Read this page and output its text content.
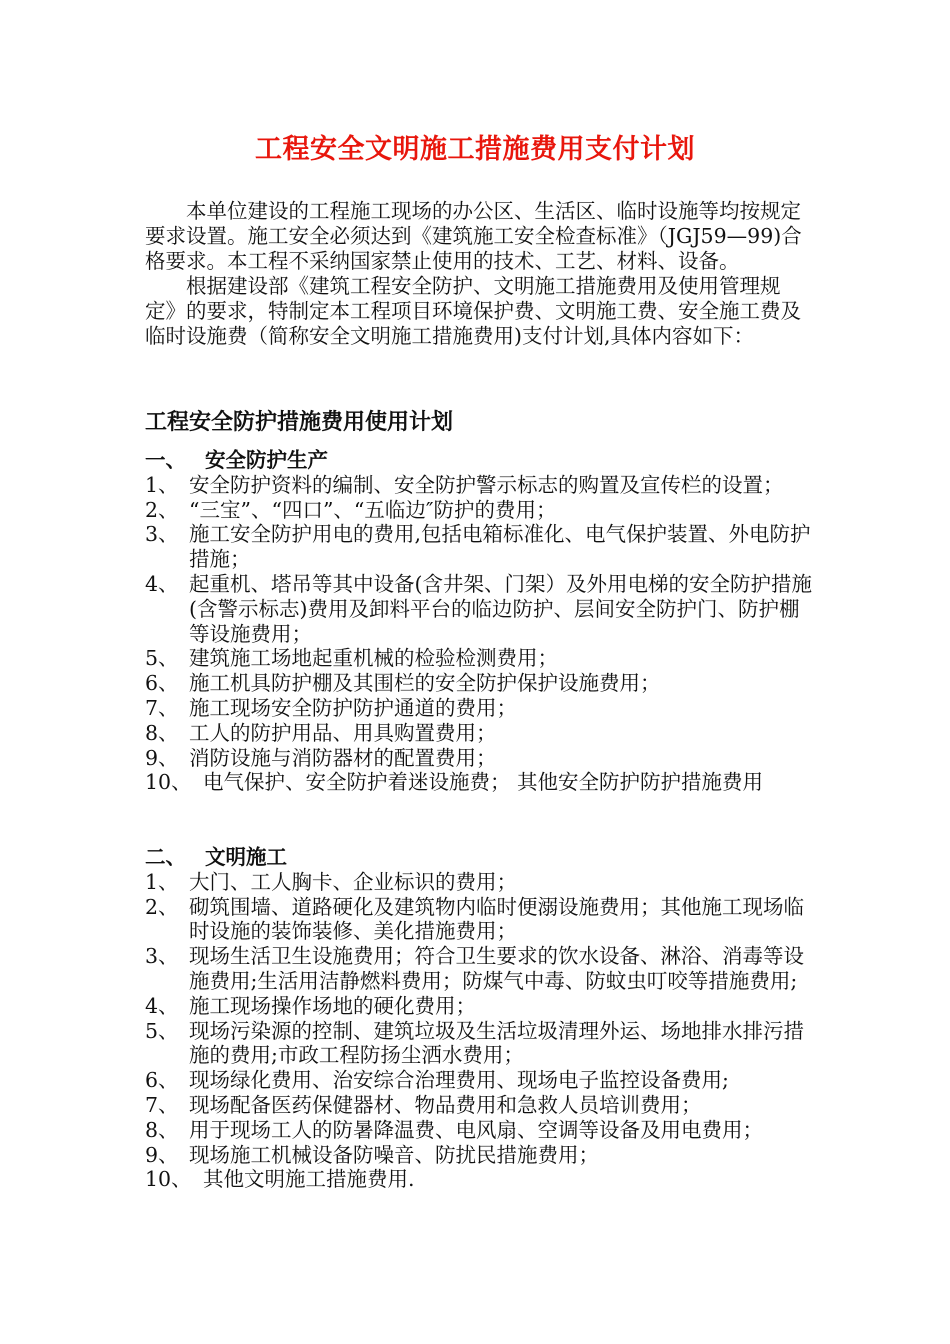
工程安全文明施工措施费用支付计划

本单位建设的工程施工现场的办公区、生活区、临时设施等均按规定要求设置。施工安全必须达到《建筑施工安全检查标准》（JGJ59—99)合格要求。本工程不采纳国家禁止使用的技术、工艺、材料、设备。

根据建设部《建筑工程安全防护、文明施工措施费用及使用管理规定》的要求，特制定本工程项目环境保护费、文明施工费、安全施工费及临时设施费（简称安全文明施工措施费用)支付计划,具体内容如下：

工程安全防护措施费用使用计划
一、 安全防护生产
1、 安全防护资料的编制、安全防护警示标志的购置及宣传栏的设置；
2、 “三宝”、“四口”、“五临边″防护的费用；
3、 施工安全防护用电的费用,包括电箱标准化、电气保护装置、外电防护措施；
4、 起重机、塔吊等其中设备(含井架、门架）及外用电梯的安全防护措施(含警示标志)费用及卸料平台的临边防护、层间安全防护门、防护棚等设施费用；
5、 建筑施工场地起重机械的检验检测费用；
6、 施工机具防护棚及其围栏的安全防护保护设施费用；
7、 施工现场安全防护防护通道的费用；
8、 工人的防护用品、用具购置费用；
9、 消防设施与消防器材的配置费用；
10、 电气保护、安全防护着迷设施费； 其他安全防护防护措施费用
二、 文明施工
1、 大门、工人胸卡、企业标识的费用；
2、 砌筑围墙、道路硬化及建筑物内临时便溺设施费用；其他施工现场临时设施的装饰装修、美化措施费用；
3、 现场生活卫生设施费用；符合卫生要求的饮水设备、淋浴、消毒等设施费用;生活用洁静燃料费用；防煤气中毒、防蚊虫叮咬等措施费用;
4、 施工现场操作场地的硬化费用；
5、 现场污染源的控制、建筑垃圾及生活垃圾清理外运、场地排水排污措施的费用;市政工程防扬尘洒水费用；
6、 现场绿化费用、治安综合治理费用、现场电子监控设备费用;
7、 现场配备医药保健器材、物品费用和急救人员培训费用；
8、 用于现场工人的防暑降温费、电风扇、空调等设备及用电费用；
9、 现场施工机械设备防噪音、防扰民措施费用；
10、 其他文明施工措施费用.
